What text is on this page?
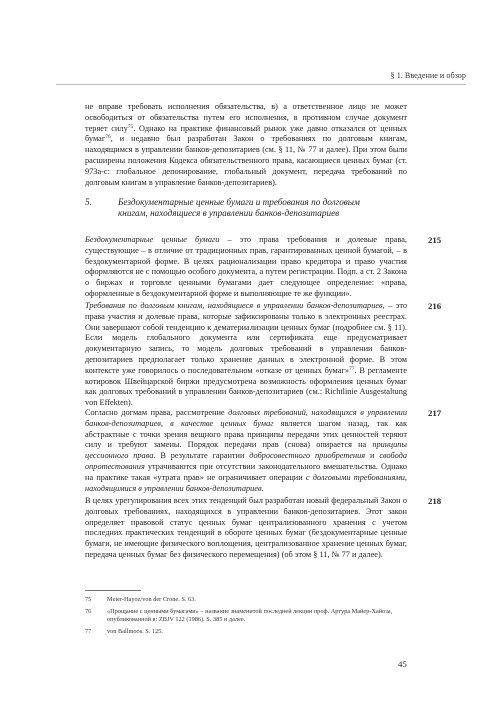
§ 1. Введение и обзор

не вправе требовать исполнения обязательства, в) а ответственное лицо не может освободиться от обязательства путем его исполнения, в противном случае документ теряет силу$^{75}$. Однако на практике финансовый рынок уже давно отказался от ценных бумаг$^{76}$, и недавно был разработан Закон о требованиях по долговым книгам, находящимся в управлении банков-депозитариев (см. § 11, № 77 и далее). При этом были расширены положения Кодекса обязательственного права, касающиеся ценных бумаг (ст. 973а-с: глобальное депонирование, глобальный документ, передача требований по долговым книгам в управление банков-депозитариев).

5.	Бездокументарные ценные бумаги и требования по долговым книгам, находящиеся в управлении банков-депозитариев
215

Бездокументарные ценные бумаги – это права требования и долевые права, существующие – в отличие от традиционных прав, гарантированных ценной бумагой, – в бездокументарной форме. В целях рационализации право кредитора и право участия оформляются не с помощью особого документа, а путем регистрации. Подп. а ст. 2 Закона о биржах и торговле ценными бумагами дает следующее определение: «права, оформленные в бездокументарной форме и выполняющие те же функции».

216

Требования по долговым книгам, находящиеся в управлении банков-депозитариев, – это права участия и долевые права, которые зафиксированы только в электронных реестрах. Они завершают собой тенденцию к дематериализации ценных бумаг (подробнее см. § 11). Если модель глобального документа или сертификата еще предусматривает документарную запись, то модель долговых требований в управлении банков-депозитариев предполагает только хранение данных в электронной форме. В этом контексте уже говорилось о последовательном «отказе от ценных бумаг»$^{77}$. В регламенте котировок Швейцарской биржи предусмотрена возможность оформления ценных бумаг как долговых требований в управлении банков-депозитариев (см.: Richtlinie Ausgestaltung von Effekten).

217

Согласно догмам права, рассмотрение долговых требований, находящихся в управлении банков-депозитариев, в качестве ценных бумаг является шагом назад, так как абстрактные с точки зрения вещного права принципы передачи этих ценностей теряют силу и требуют замены. Порядок передачи прав (снова) опирается на принципы цессионного права. В результате гарантии добросовестного приобретения и свобода опротестования утрачиваются при отсутствии законодательного вмешательства. Однако на практике такая «утрата прав» не ограничивает операции с долговыми требованиями, находящимися в управлении банков-депозитариев.

218

В целях урегулирования всех этих тенденций был разработан новый федеральный Закон о долговых требованиях, находящихся в управлении банков-депозитариев. Этот закон определяет правовой статус ценных бумаг централизованного хранения с учетом последних практических тенденций в обороте ценных бумаг (бездокументарные ценные бумаги, не имеющие физического воплощения, централизованное хранение ценных бумаг, передача ценных бумаг без физического перемещения) (об этом § 11, № 77 и далее).

75 Meier-Hayoz/von der Crone. S. 63.
76 «Прощание с ценными бумагами» – название знаменитой последней лекции проф. Артура Майер-Хайоза, опубликованной в: ZBJV 122 (1986). S. 385 и далее.
77 von Ballmoos. S. 125.
45
